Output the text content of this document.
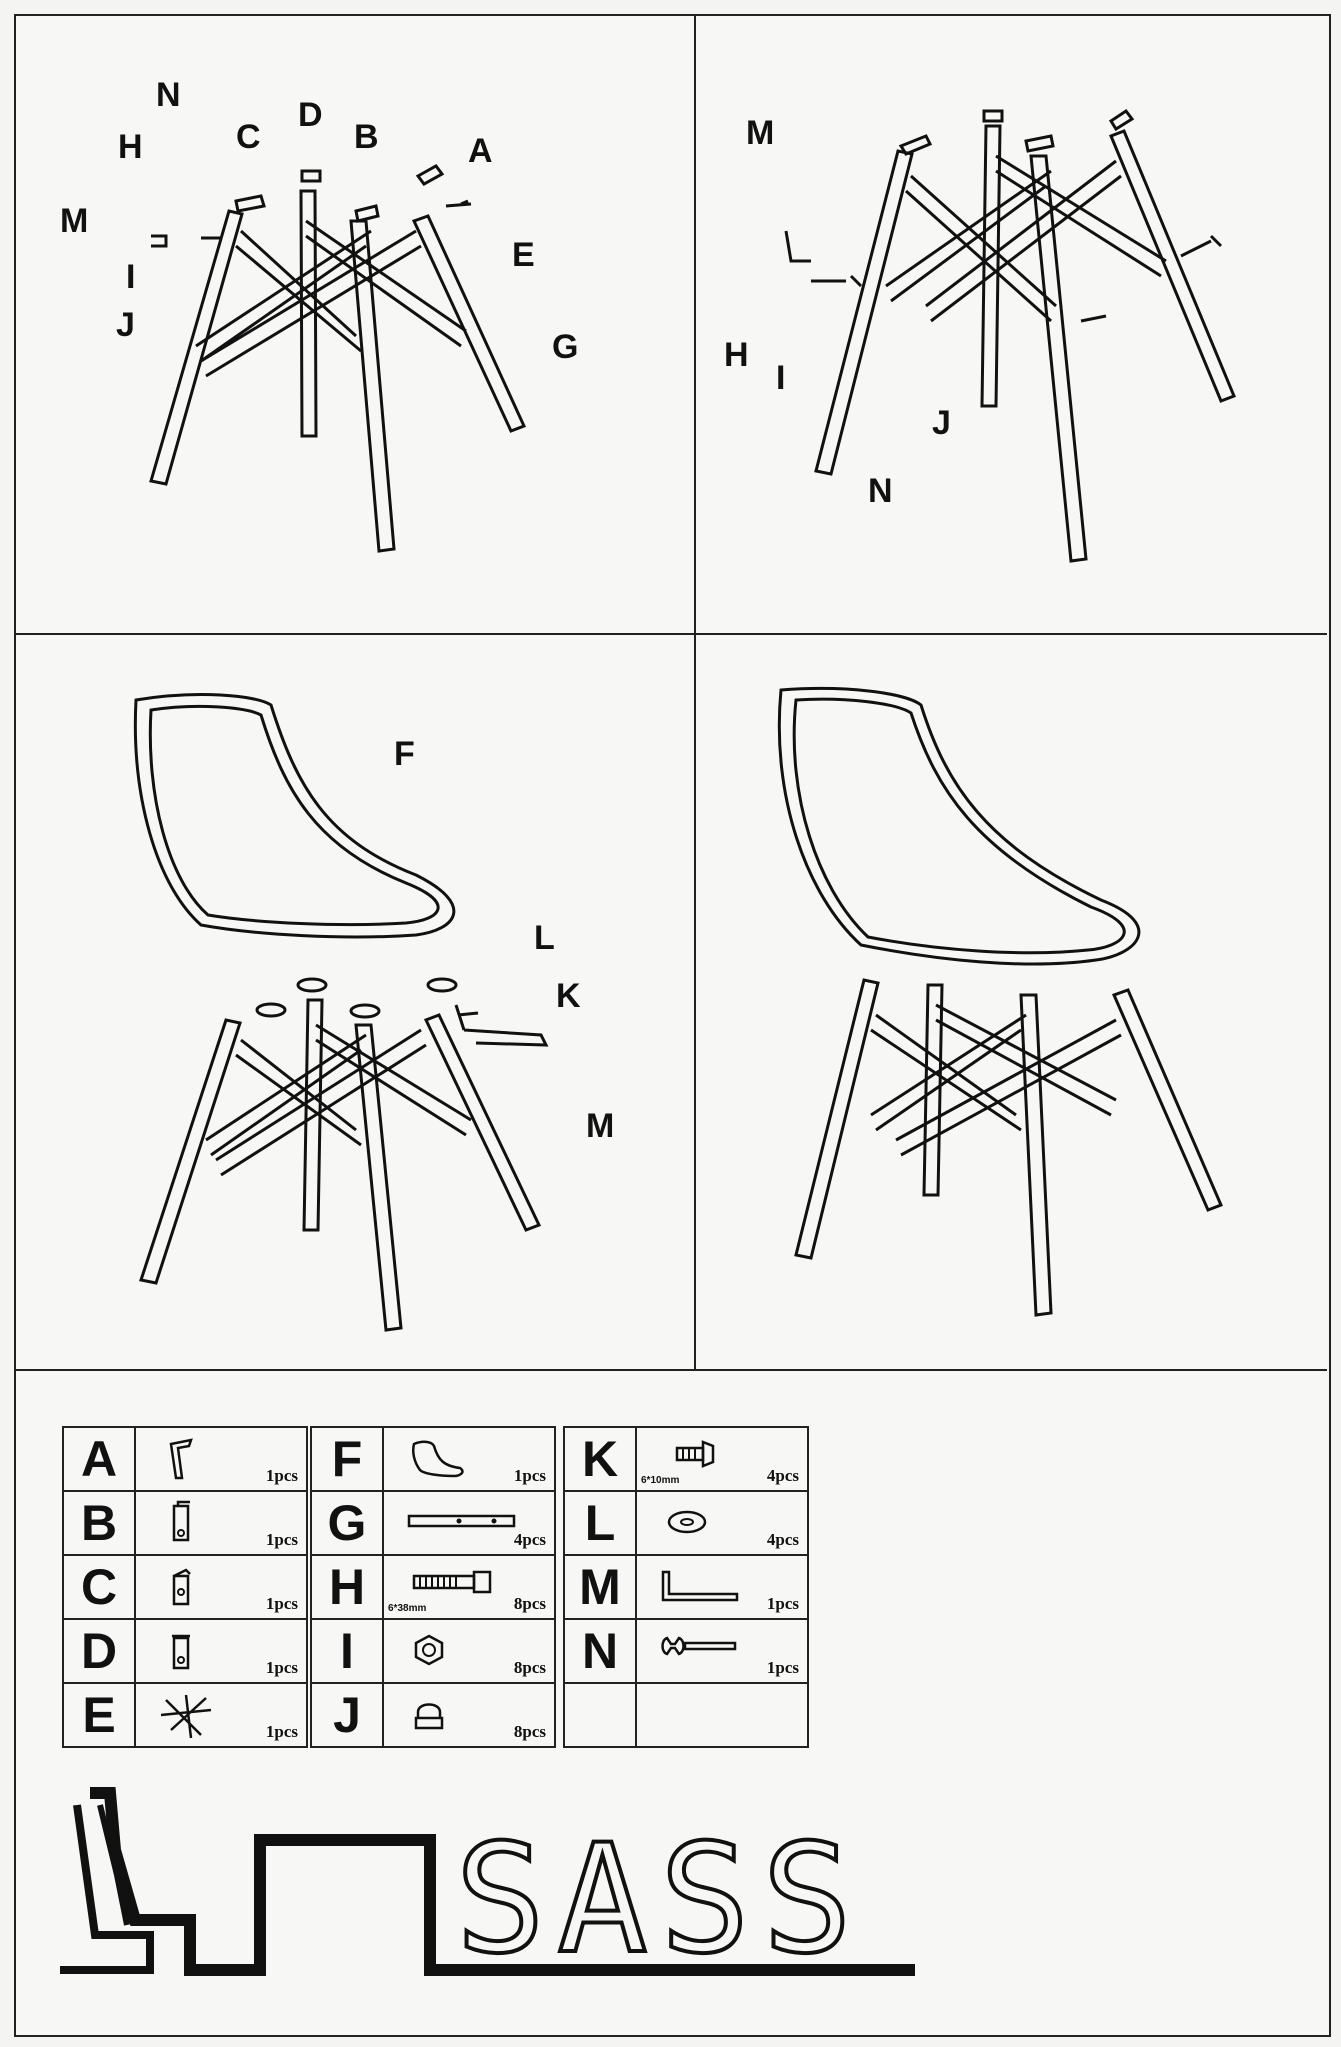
N
D
C
H	B	A
M
I
E
J
G
M
H
I
J
N
F
L
K
M
A	1pcs

B	1pcs

C	1pcs

D	1pcs

E	1pcs
F	1pcs

G	4pcs

H	6*38mm 8pcs

I	8pcs

J	8pcs
K	6*10mm 4pcs

L	4pcs

M	1pcs

N	1pcs

SASS
